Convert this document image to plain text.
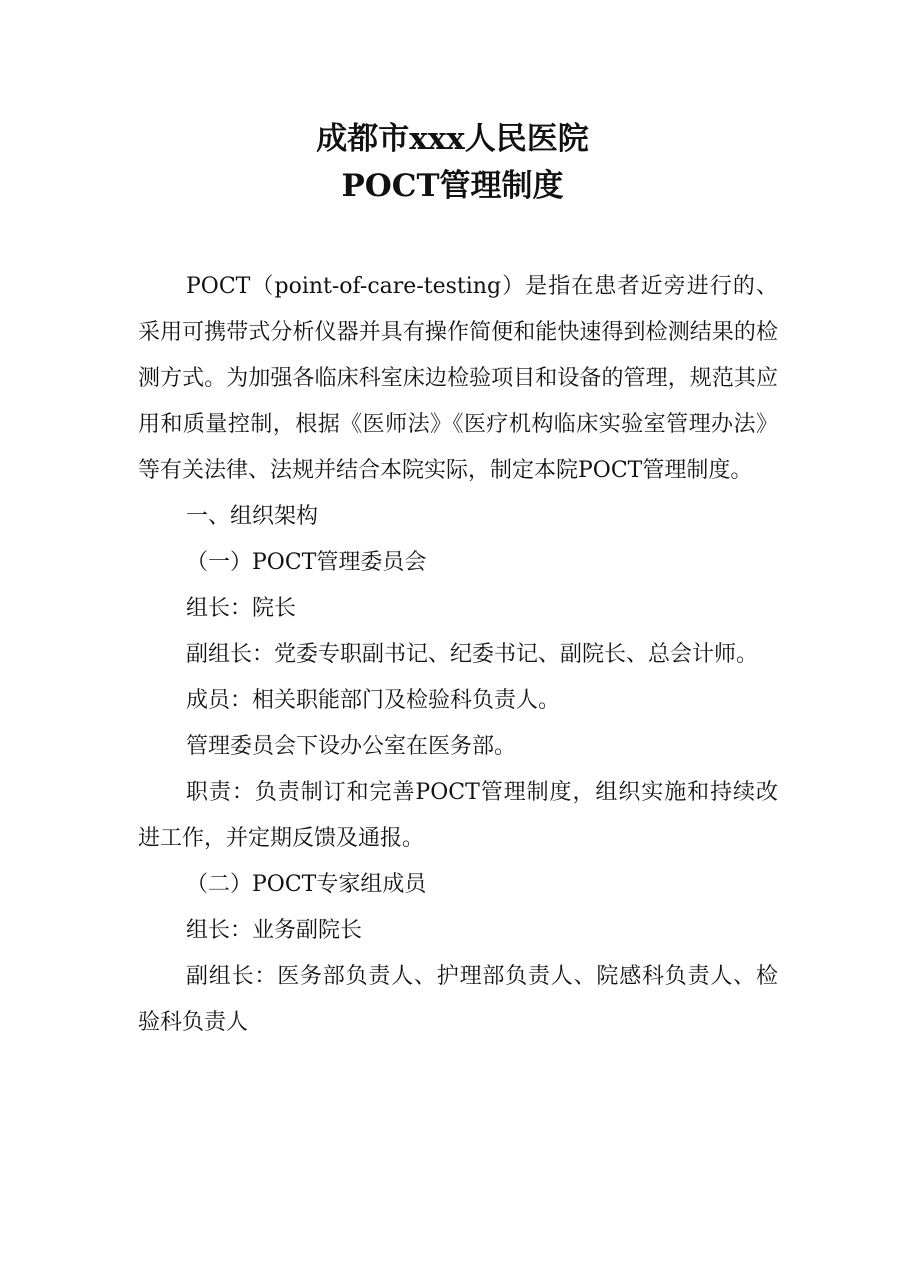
成都市xxx人民医院
POCT管理制度

POCT（point-of-care-testing）是指在患者近旁进行的、采用可携带式分析仪器并具有操作简便和能快速得到检测结果的检测方式。为加强各临床科室床边检验项目和设备的管理，规范其应用和质量控制，根据《医师法》《医疗机构临床实验室管理办法》等有关法律、法规并结合本院实际，制定本院POCT管理制度。

一、组织架构

（一）POCT管理委员会

组长：院长

副组长：党委专职副书记、纪委书记、副院长、总会计师。

成员：相关职能部门及检验科负责人。

管理委员会下设办公室在医务部。

职责：负责制订和完善POCT管理制度，组织实施和持续改进工作，并定期反馈及通报。

（二）POCT专家组成员

组长：业务副院长

副组长：医务部负责人、护理部负责人、院感科负责人、检验科负责人
